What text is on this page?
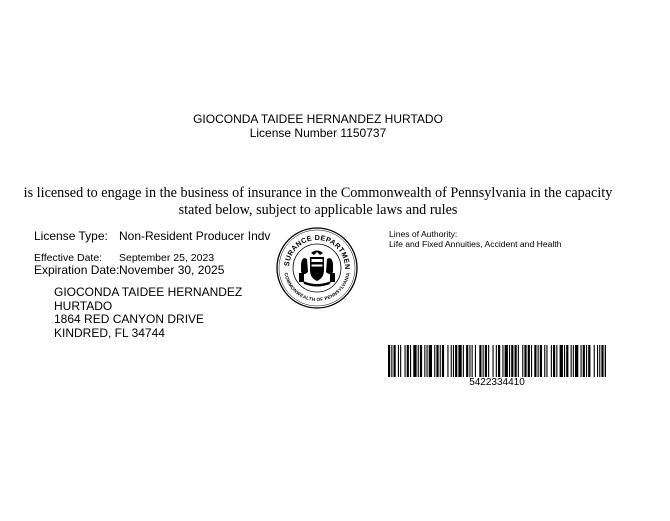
GIOCONDA TAIDEE HERNANDEZ HURTADO
License Number 1150737
is licensed to engage in the business of insurance in the Commonwealth of Pennsylvania in the capacity
stated below, subject to applicable laws and rules
License Type: Non-Resident Producer Indv
Effective Date: September 25, 2023
Expiration Date: November 30, 2025
GIOCONDA TAIDEE HERNANDEZ
HURTADO
1864 RED CANYON DRIVE
KINDRED, FL 34744
SURANCE DEPARTMEN
COMMONWEALTH OF PENNSYLVANIA
Lines of Authority:
Life and Fixed Annuities, Accident and Health
5422334410
